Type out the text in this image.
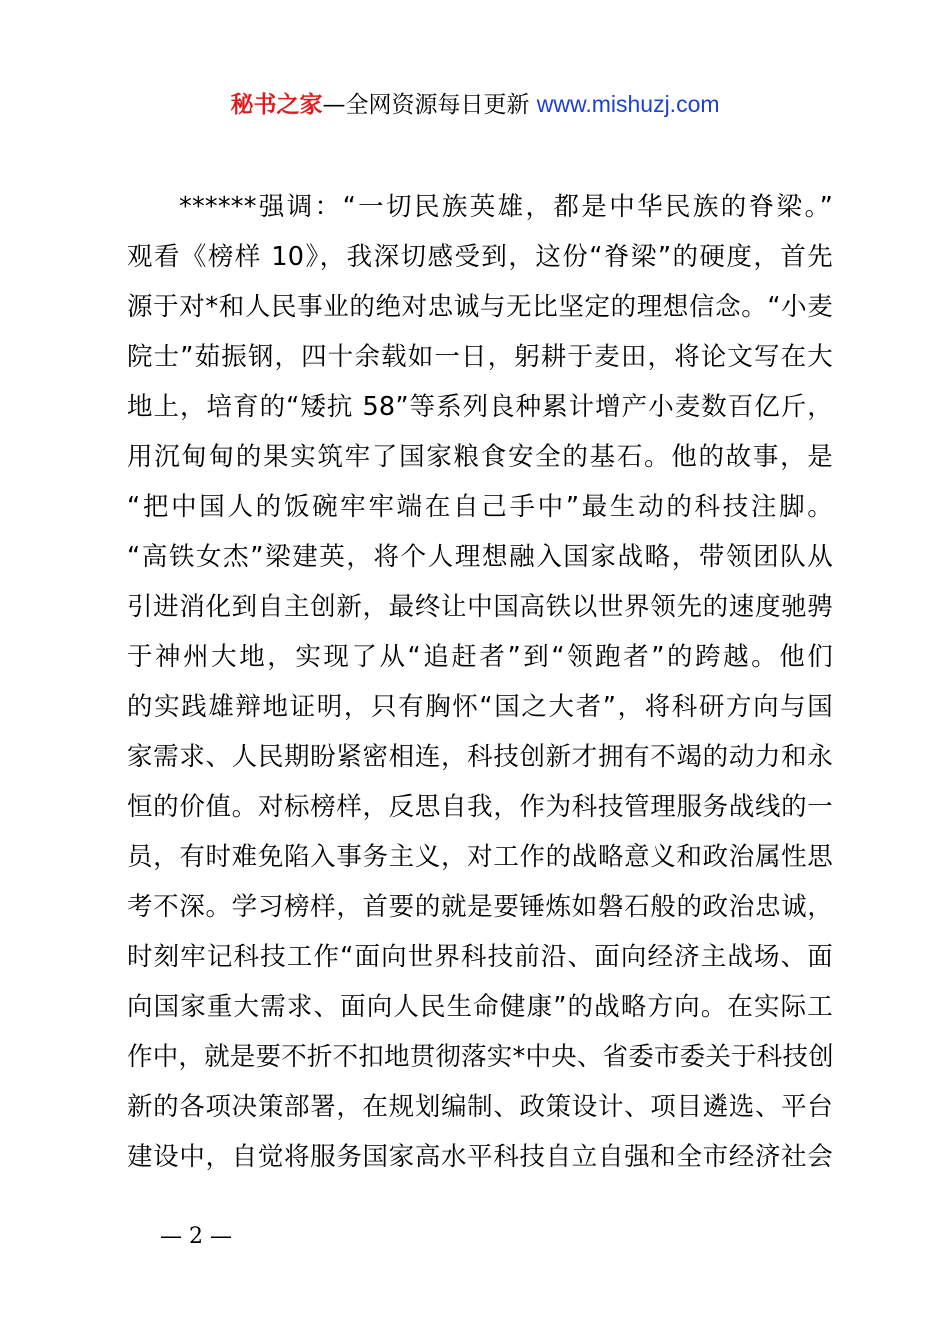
秘书之家—全网资源每日更新 www.mishuzj.com
******强调：“一切民族英雄，都是中华民族的脊梁。”
观看《榜样 10》，我深切感受到，这份“脊梁”的硬度，首先
源于对*和人民事业的绝对忠诚与无比坚定的理想信念。“小麦
院士”茹振钢，四十余载如一日，躬耕于麦田，将论文写在大
地上，培育的“矮抗 58”等系列良种累计增产小麦数百亿斤，
用沉甸甸的果实筑牢了国家粮食安全的基石。他的故事，是
“把中国人的饭碗牢牢端在自己手中”最生动的科技注脚。
“高铁女杰”梁建英，将个人理想融入国家战略，带领团队从
引进消化到自主创新，最终让中国高铁以世界领先的速度驰骋
于神州大地，实现了从“追赶者”到“领跑者”的跨越。他们
的实践雄辩地证明，只有胸怀“国之大者”，将科研方向与国
家需求、人民期盼紧密相连，科技创新才拥有不竭的动力和永
恒的价值。对标榜样，反思自我，作为科技管理服务战线的一
员，有时难免陷入事务主义，对工作的战略意义和政治属性思
考不深。学习榜样，首要的就是要锤炼如磐石般的政治忠诚，
时刻牢记科技工作“面向世界科技前沿、面向经济主战场、面
向国家重大需求、面向人民生命健康”的战略方向。在实际工
作中，就是要不折不扣地贯彻落实*中央、省委市委关于科技创
新的各项决策部署，在规划编制、政策设计、项目遴选、平台
建设中，自觉将服务国家高水平科技自立自强和全市经济社会
— 2 —
